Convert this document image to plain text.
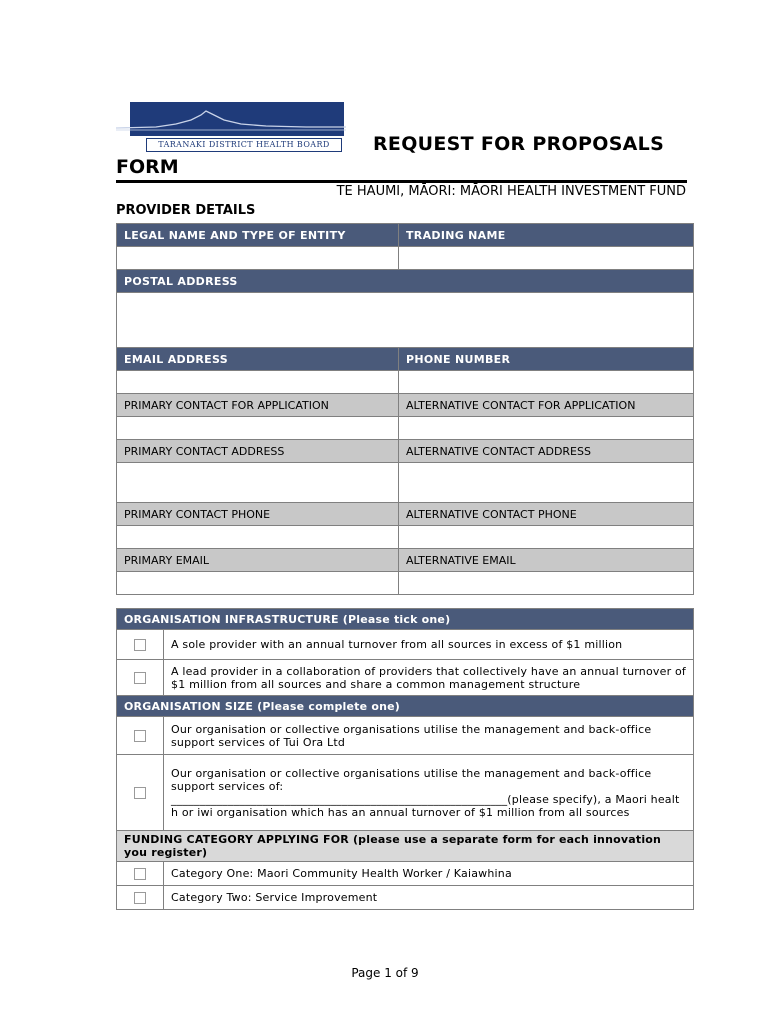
TARANAKI DISTRICT HEALTH BOARD	REQUEST FOR PROPOSALS
FORM
TE HAUMI, MĀORI: MĀORI HEALTH INVESTMENT FUND
PROVIDER DETAILS
LEGAL NAME AND TYPE OF ENTITY	TRADING NAME

POSTAL ADDRESS	

EMAIL ADDRESS	PHONE NUMBER

PRIMARY CONTACT FOR APPLICATION	ALTERNATIVE CONTACT FOR APPLICATION

PRIMARY CONTACT ADDRESS	ALTERNATIVE CONTACT ADDRESS

PRIMARY CONTACT PHONE	ALTERNATIVE CONTACT PHONE

PRIMARY EMAIL	ALTERNATIVE EMAIL

ORGANISATION INFRASTRUCTURE (Please tick one)	

	A sole provider with an annual turnover from all sources in excess of $1 million

	A lead provider in a collaboration of providers that collectively have an annual turnover of $1 million from all sources and share a common management structure
ORGANISATION SIZE (Please complete one)	

	Our organisation or collective organisations utilise the management and back-office support services of Tui Ora Ltd

	Our organisation or collective organisations utilise the management and back-office support services of:
___________________________________________________________(please specify), a Maori health or iwi organisation which has an annual turnover of $1 million from all sources

FUNDING CATEGORY APPLYING FOR (please use a separate form for each innovation you register)	

	Category One: Maori Community Health Worker / Kaiawhina

	Category Two: Service Improvement
Page 1 of 9
